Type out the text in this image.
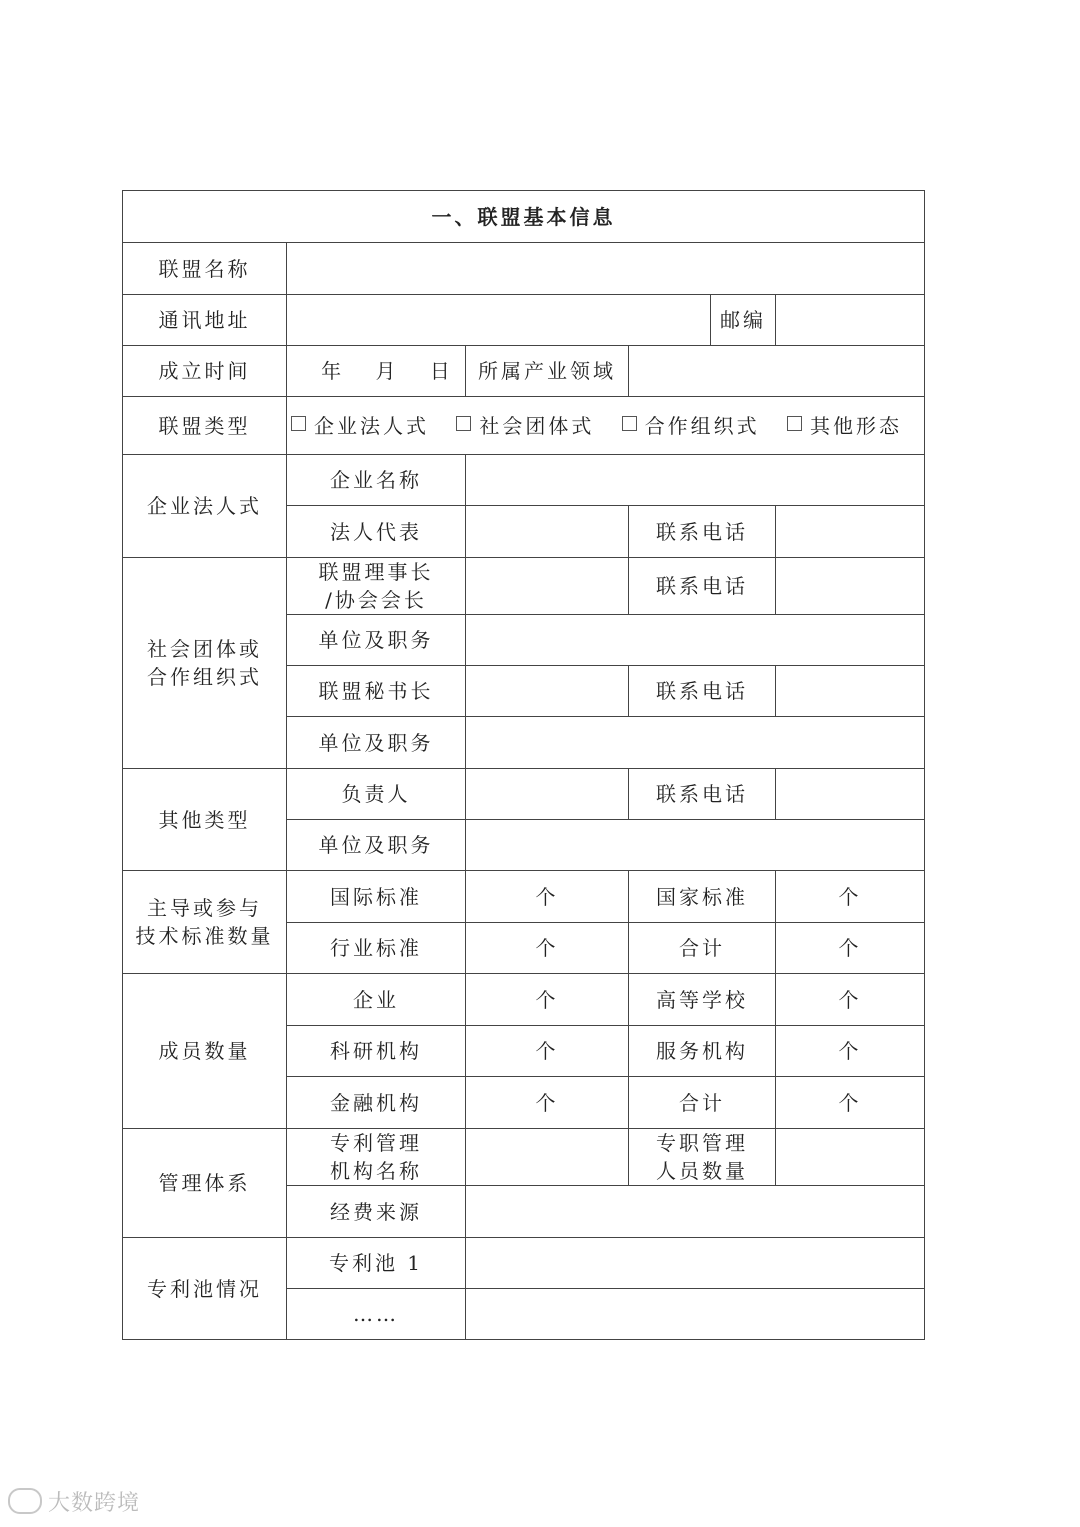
一、联盟基本信息					
联盟名称					
通讯地址				邮编	
成立时间	年 月 日	所属产业领域			
联盟类型	企业法人式 社会团体式 合作组织式 其他形态				
企业法人式	企业名称				
	法人代表		联系电话		
社会团体或
合作组织式	联盟理事长
/协会会长		联系电话		
	单位及职务				
	联盟秘书长		联系电话		
	单位及职务				
其他类型	负责人		联系电话		
	单位及职务				
主导或参与
技术标准数量	国际标准	个	国家标准		个
	行业标准	个	合计		个
成员数量	企业	个	高等学校		个
	科研机构	个	服务机构		个
	金融机构	个	合计		个
管理体系	专利管理
机构名称		专职管理
人员数量		
	经费来源				
专利池情况	专利池 1				
	……				
大数跨境
